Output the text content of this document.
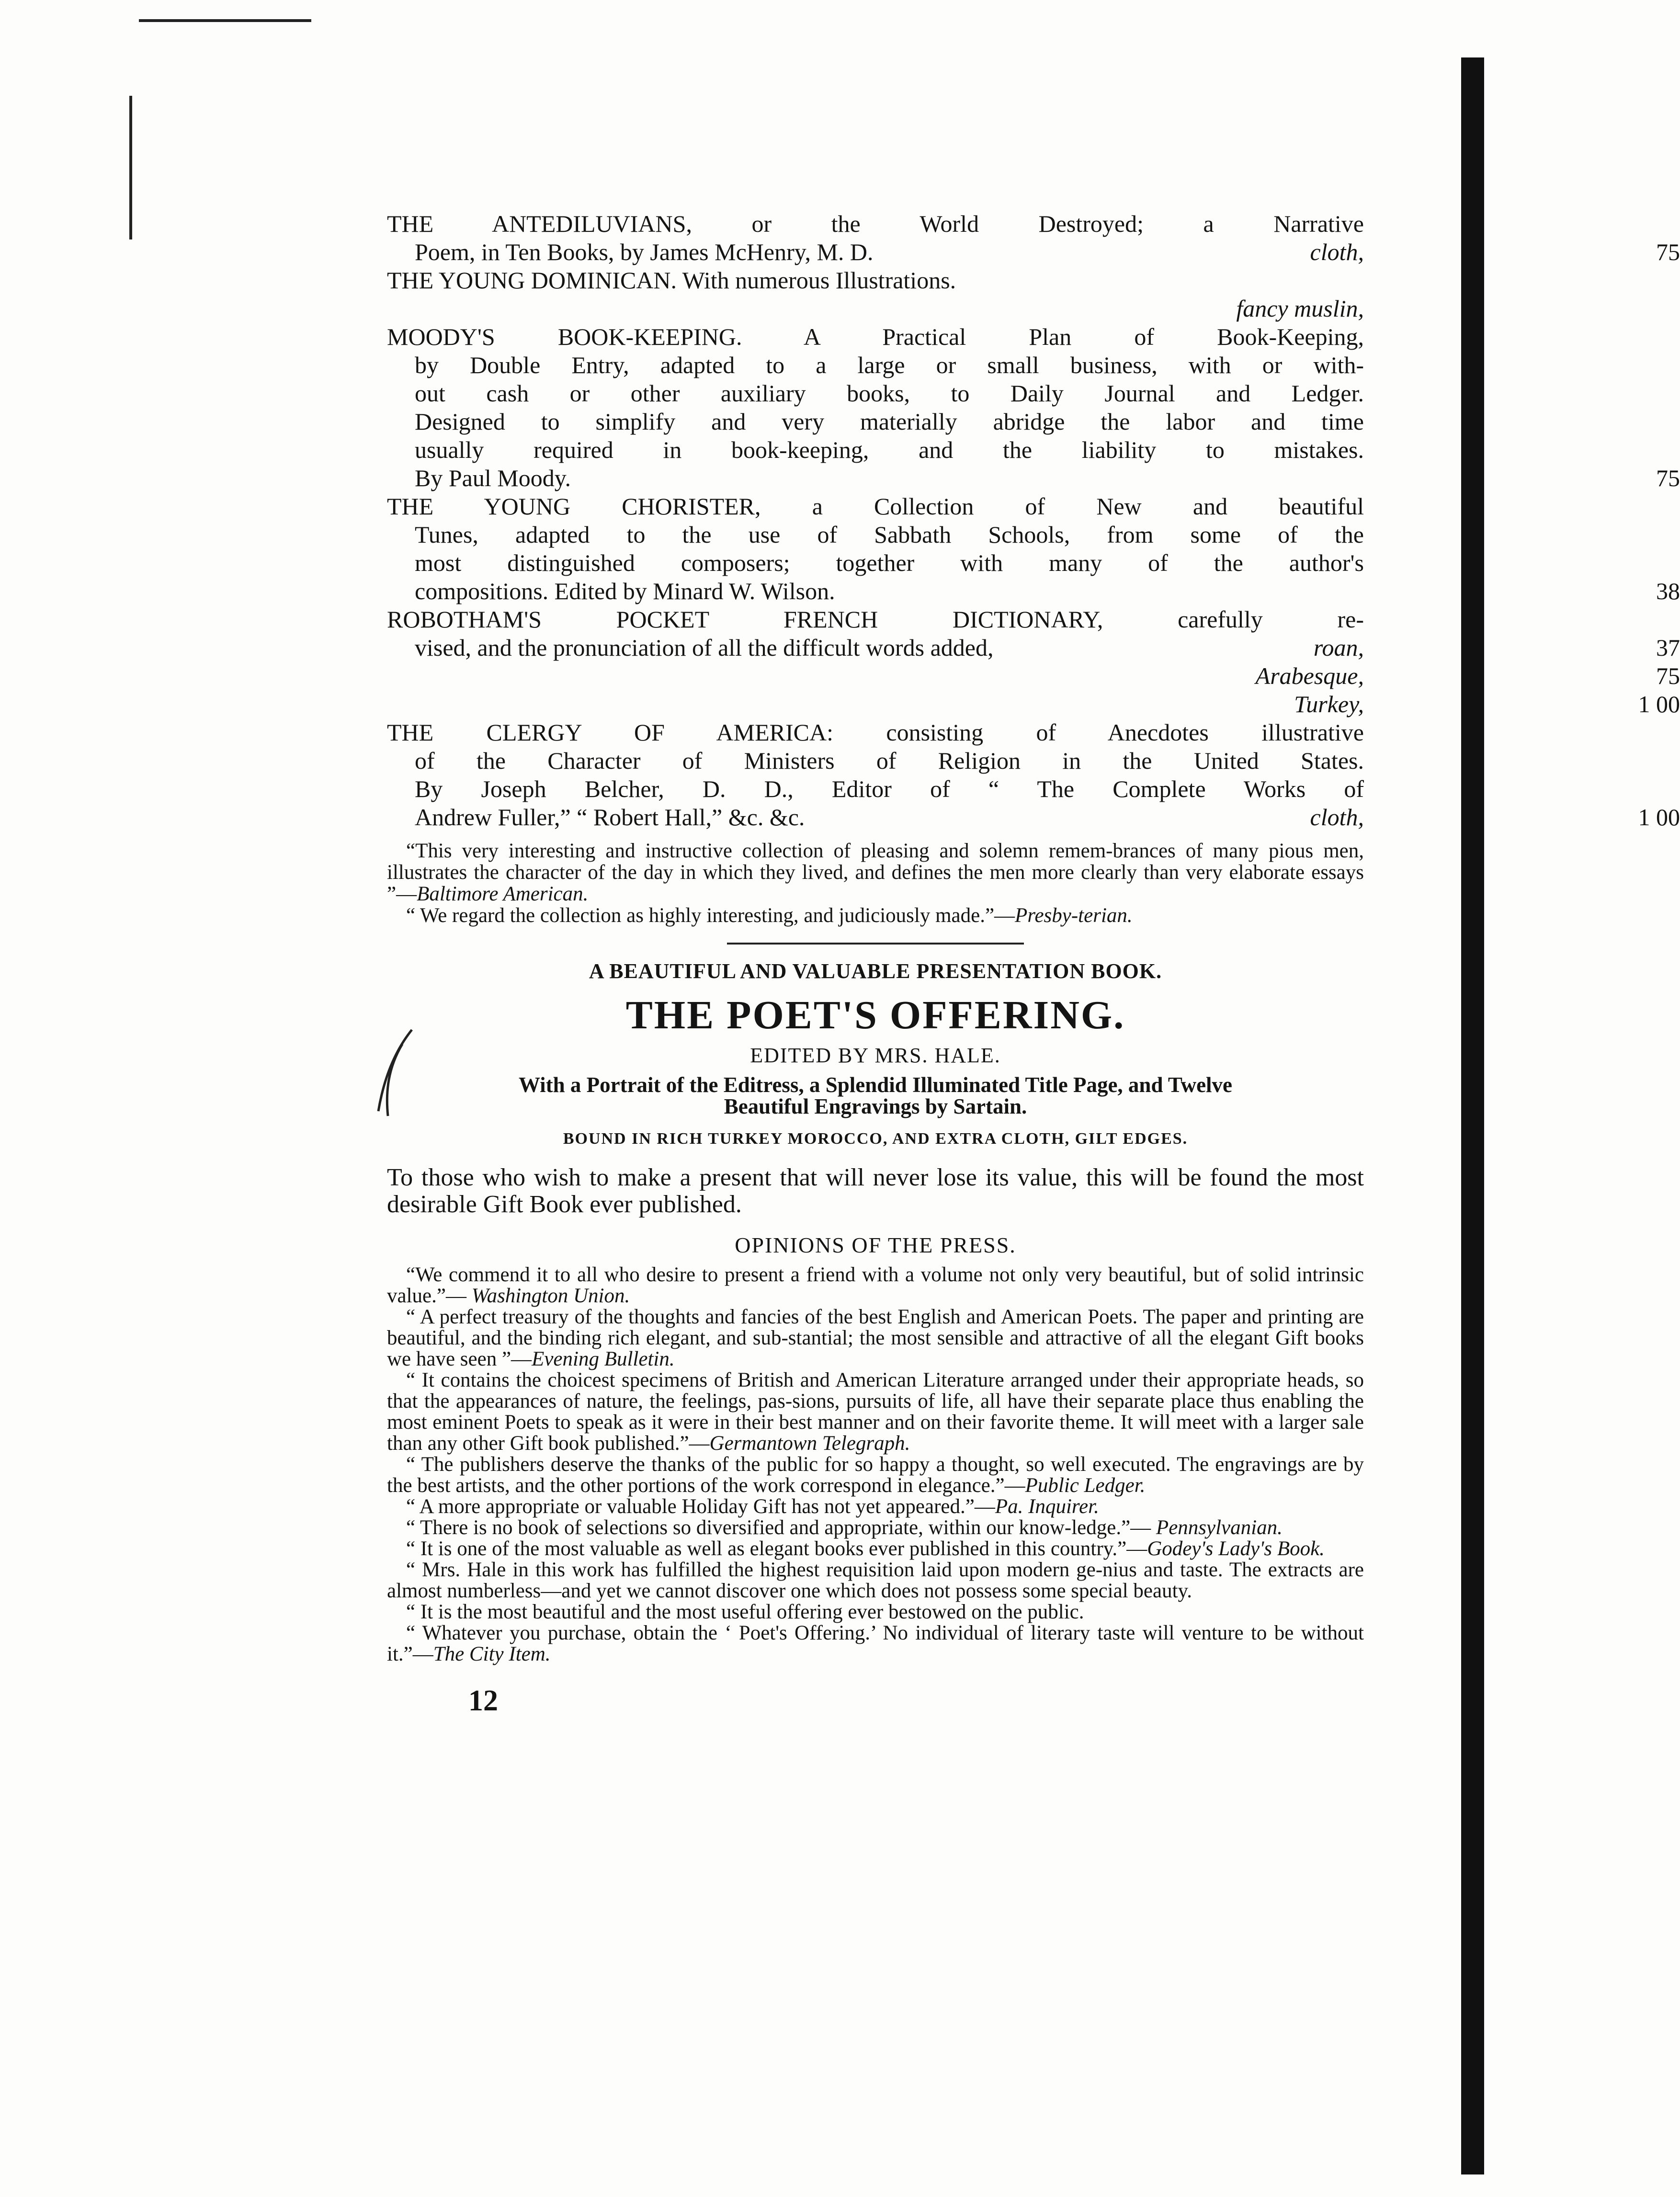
THE ANTEDILUVIANS, or the World Destroyed; a Narrative
Poem, in Ten Books, by James McHenry, M. D.	cloth,	75
THE YOUNG DOMINICAN. With numerous Illustrations.
fancy muslin,
MOODY'S BOOK-KEEPING. A Practical Plan of Book-Keeping,
by Double Entry, adapted to a large or small business, with or with-
out cash or other auxiliary books, to Daily Journal and Ledger.
Designed to simplify and very materially abridge the labor and time
usually required in book-keeping, and the liability to mistakes.
By Paul Moody.	75
THE YOUNG CHORISTER, a Collection of New and beautiful
Tunes, adapted to the use of Sabbath Schools, from some of the
most distinguished composers; together with many of the author's
compositions. Edited by Minard W. Wilson.	38
ROBOTHAM'S POCKET FRENCH DICTIONARY, carefully re-
vised, and the pronunciation of all the difficult words added,	roan,	37
Arabesque,	75
Turkey,	1 00
THE CLERGY OF AMERICA: consisting of Anecdotes illustrative
of the Character of Ministers of Religion in the United States.
By Joseph Belcher, D. D., Editor of “ The Complete Works of
Andrew Fuller,” “ Robert Hall,” &c. &c.	cloth,	1 00

“This very interesting and instructive collection of pleasing and solemn remem-brances of many pious men, illustrates the character of the day in which they lived, and defines the men more clearly than very elaborate essays ”—Baltimore American.

“ We regard the collection as highly interesting, and judiciously made.”—Presby-terian.

A BEAUTIFUL AND VALUABLE PRESENTATION BOOK.
THE POET'S OFFERING.
EDITED BY MRS. HALE.
With a Portrait of the Editress, a Splendid Illuminated Title Page, and Twelve
Beautiful Engravings by Sartain.
BOUND IN RICH TURKEY MOROCCO, AND EXTRA CLOTH, GILT EDGES.
To those who wish to make a present that will never lose its value, this will be found the most desirable Gift Book ever published.
OPINIONS OF THE PRESS.

“We commend it to all who desire to present a friend with a volume not only very beautiful, but of solid intrinsic value.”— Washington Union.

“ A perfect treasury of the thoughts and fancies of the best English and American Poets. The paper and printing are beautiful, and the binding rich elegant, and sub-stantial; the most sensible and attractive of all the elegant Gift books we have seen ”—Evening Bulletin.

“ It contains the choicest specimens of British and American Literature arranged under their appropriate heads, so that the appearances of nature, the feelings, pas-sions, pursuits of life, all have their separate place thus enabling the most eminent Poets to speak as it were in their best manner and on their favorite theme. It will meet with a larger sale than any other Gift book published.”—Germantown Telegraph.

“ The publishers deserve the thanks of the public for so happy a thought, so well executed. The engravings are by the best artists, and the other portions of the work correspond in elegance.”—Public Ledger.

“ A more appropriate or valuable Holiday Gift has not yet appeared.”—Pa. Inquirer.

“ There is no book of selections so diversified and appropriate, within our know-ledge.”— Pennsylvanian.

“ It is one of the most valuable as well as elegant books ever published in this country.”—Godey's Lady's Book.

“ Mrs. Hale in this work has fulfilled the highest requisition laid upon modern ge-nius and taste. The extracts are almost numberless—and yet we cannot discover one which does not possess some special beauty.

“ It is the most beautiful and the most useful offering ever bestowed on the public.

“ Whatever you purchase, obtain the ‘ Poet's Offering.’ No individual of literary taste will venture to be without it.”—The City Item.

12
